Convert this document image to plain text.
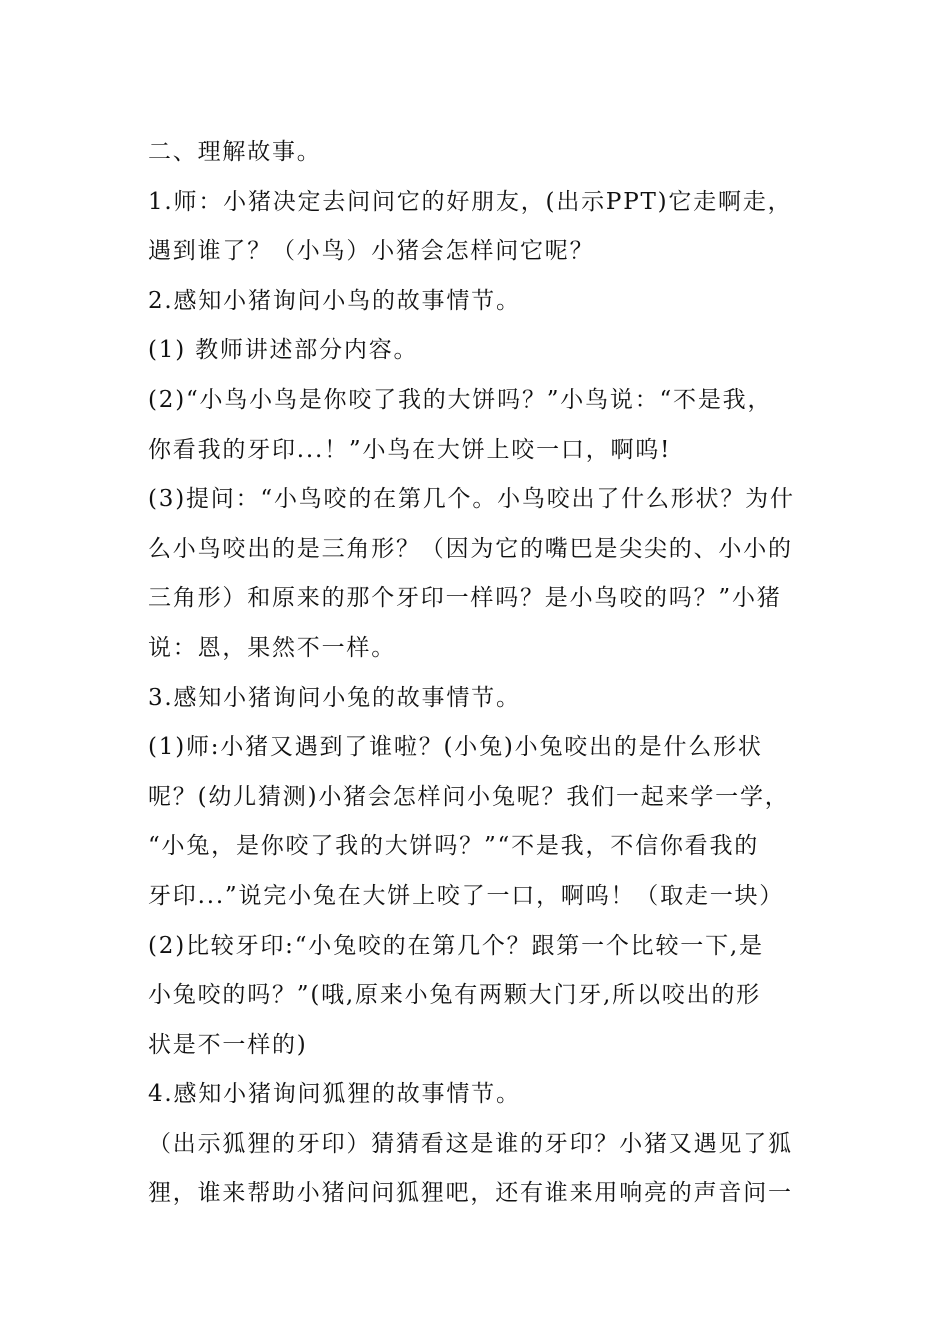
二、理解故事。
1.师：小猪决定去问问它的好朋友，(出示PPT)它走啊走，
遇到谁了？（小鸟）小猪会怎样问它呢？
2.感知小猪询问小鸟的故事情节。
(1) 教师讲述部分内容。
(2)“小鸟小鸟是你咬了我的大饼吗？”小鸟说：“不是我，
你看我的牙印...！”小鸟在大饼上咬一口，啊呜!
(3)提问：“小鸟咬的在第几个。小鸟咬出了什么形状？为什
么小鸟咬出的是三角形？（因为它的嘴巴是尖尖的、小小的
三角形）和原来的那个牙印一样吗？是小鸟咬的吗？”小猪
说：恩，果然不一样。
3.感知小猪询问小兔的故事情节。
(1)师:小猪又遇到了谁啦？(小兔)小兔咬出的是什么形状
呢？(幼儿猜测)小猪会怎样问小兔呢？我们一起来学一学，
“小兔，是你咬了我的大饼吗？”“不是我，不信你看我的
牙印...”说完小兔在大饼上咬了一口，啊呜！（取走一块）
(2)比较牙印:“小兔咬的在第几个？跟第一个比较一下,是
小兔咬的吗？”(哦,原来小兔有两颗大门牙,所以咬出的形
状是不一样的)
4.感知小猪询问狐狸的故事情节。
（出示狐狸的牙印）猜猜看这是谁的牙印？小猪又遇见了狐
狸，谁来帮助小猪问问狐狸吧，还有谁来用响亮的声音问一
